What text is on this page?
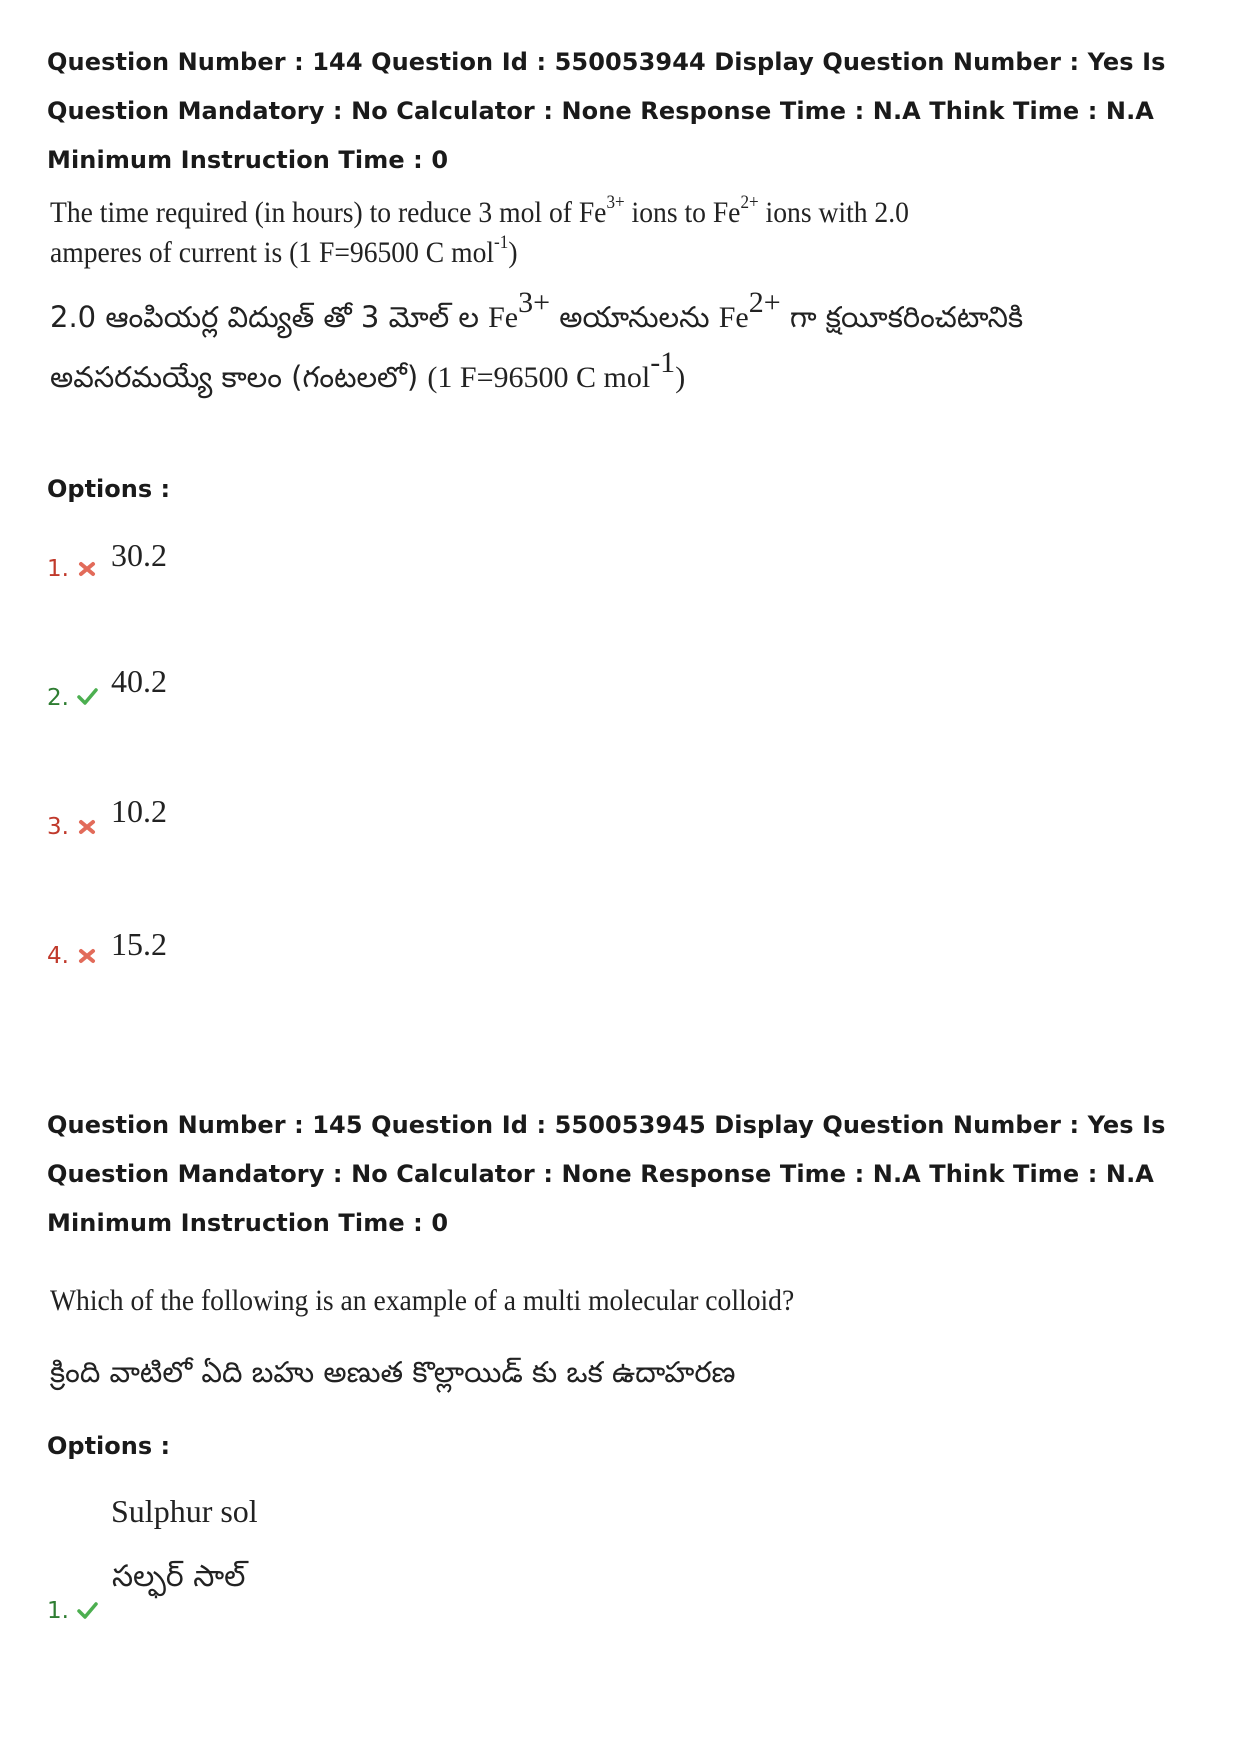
Question Number : 144 Question Id : 550053944 Display Question Number : Yes Is Question Mandatory : No Calculator : None Response Time : N.A Think Time : N.A Minimum Instruction Time : 0
The time required (in hours) to reduce 3 mol of $Fe^{3+}$ ions to $Fe^{2+}$ ions with 2.0
amperes of current is (1 F=96500 C mol$^{-1}$)
2.0 ఆంపియర్ల విద్యుత్ తో 3 మోల్ ల $Fe^{3+}$ అయానులను $Fe^{2+}$ గా క్షయీకరించటానికి
అవసరమయ్యే కాలం (గంటలలో) (1 F=96500 C mol$^{-1}$)
Options :
1. 30.2
2. 40.2
3. 10.2
4. 15.2
Question Number : 145 Question Id : 550053945 Display Question Number : Yes Is Question Mandatory : No Calculator : None Response Time : N.A Think Time : N.A Minimum Instruction Time : 0
Which of the following is an example of a multi molecular colloid?
క్రింది వాటిలో ఏది బహు అణుత కొల్లాయిడ్ కు ఒక ఉదాహరణ
Options :
Sulphur sol
సల్ఫర్ సాల్
1.
